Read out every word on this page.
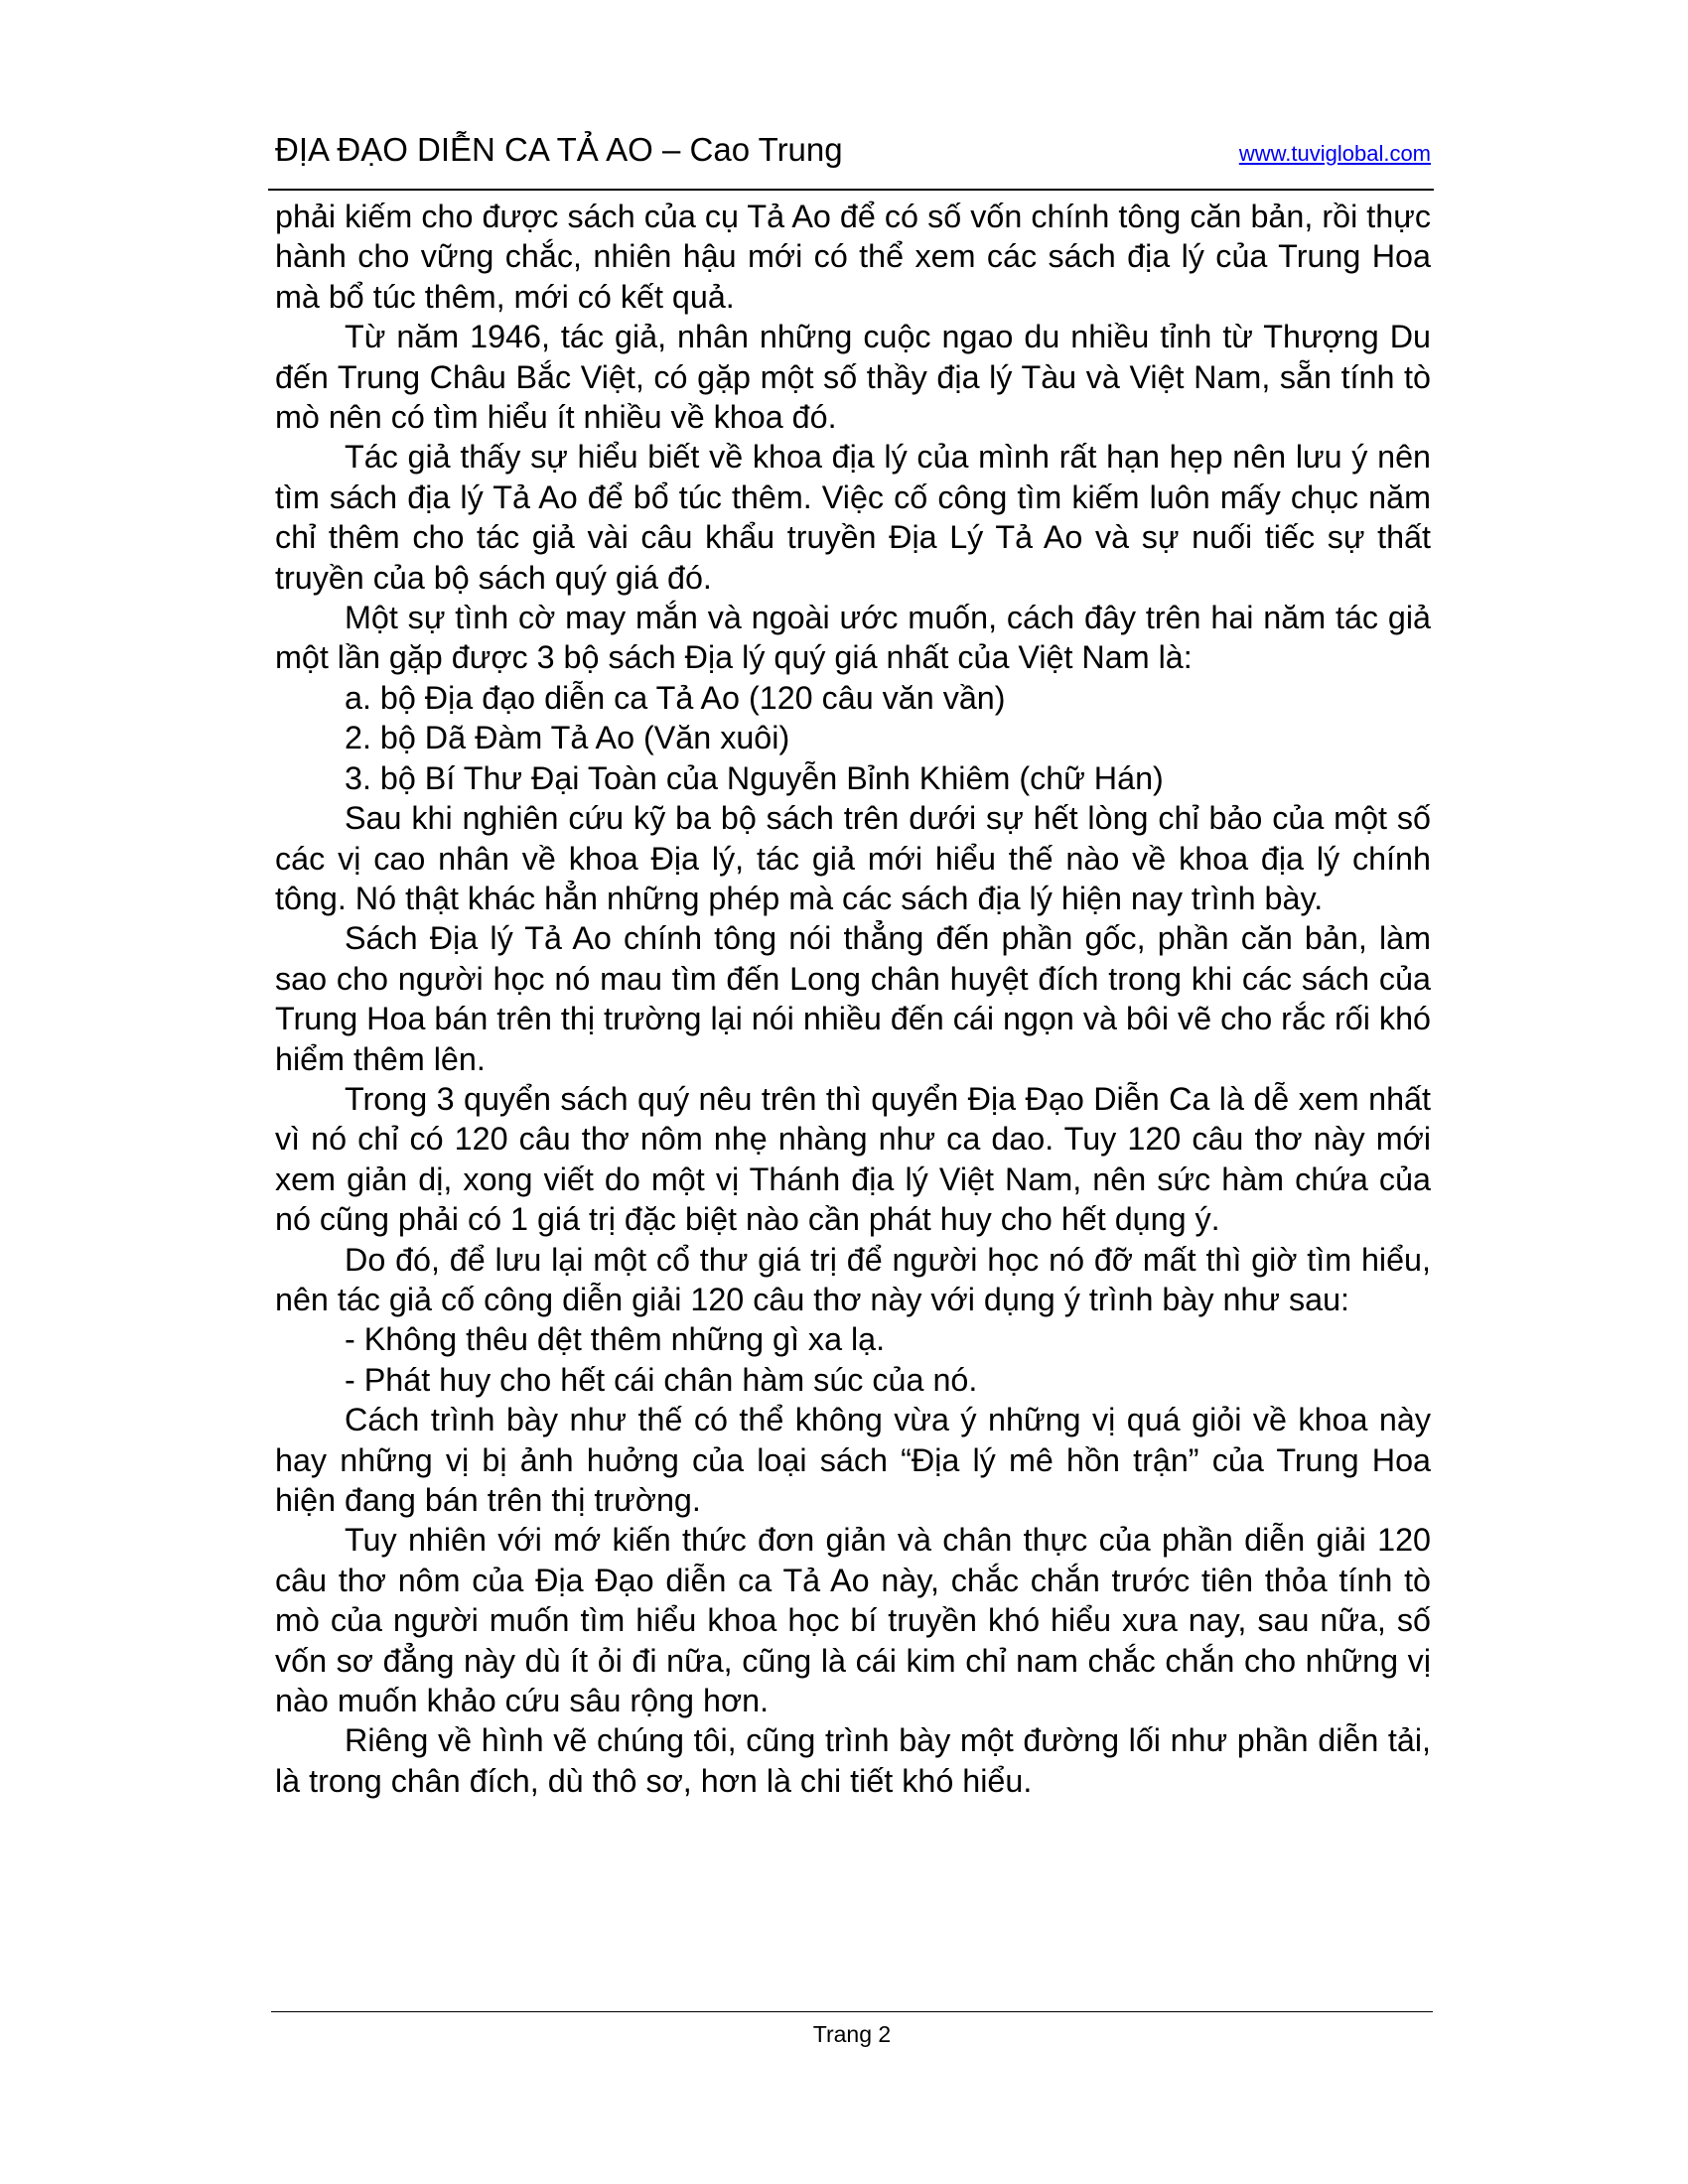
ĐỊA ĐẠO DIỄN CA TẢ AO – Cao Trung	www.tuviglobal.com

phải kiếm cho được sách của cụ Tả Ao để có số vốn chính tông căn bản, rồi thực hành cho vững chắc, nhiên hậu mới có thể xem các sách địa lý của Trung Hoa mà bổ túc thêm, mới có kết quả.

Từ năm 1946, tác giả, nhân những cuộc ngao du nhiều tỉnh từ Thượng Du đến Trung Châu Bắc Việt, có gặp một số thầy địa lý Tàu và Việt Nam, sẵn tính tò mò nên có tìm hiểu ít nhiều về khoa đó.

Tác giả thấy sự hiểu biết về khoa địa lý của mình rất hạn hẹp nên lưu ý nên tìm sách địa lý Tả Ao để bổ túc thêm. Việc cố công tìm kiếm luôn mấy chục năm chỉ thêm cho tác giả vài câu khẩu truyền Địa Lý Tả Ao và sự nuối tiếc sự thất truyền của bộ sách quý giá đó.

Một sự tình cờ may mắn và ngoài ước muốn, cách đây trên hai năm tác giả một lần gặp được 3 bộ sách Địa lý quý giá nhất của Việt Nam là:

a. bộ Địa đạo diễn ca Tả Ao (120 câu văn vần)

2. bộ Dã Đàm Tả Ao (Văn xuôi)

3. bộ Bí Thư Đại Toàn của Nguyễn Bỉnh Khiêm (chữ Hán)

Sau khi nghiên cứu kỹ ba bộ sách trên dưới sự hết lòng chỉ bảo của một số các vị cao nhân về khoa Địa lý, tác giả mới hiểu thế nào về khoa địa lý chính tông. Nó thật khác hẳn những phép mà các sách địa lý hiện nay trình bày.

Sách Địa lý Tả Ao chính tông nói thẳng đến phần gốc, phần căn bản, làm sao cho người học nó mau tìm đến Long chân huyệt đích trong khi các sách của Trung Hoa bán trên thị trường lại nói nhiều đến cái ngọn và bôi vẽ cho rắc rối khó hiểm thêm lên.

Trong 3 quyển sách quý nêu trên thì quyển Địa Đạo Diễn Ca là dễ xem nhất vì nó chỉ có 120 câu thơ nôm nhẹ nhàng như ca dao. Tuy 120 câu thơ này mới xem giản dị, xong viết do một vị Thánh địa lý Việt Nam, nên sức hàm chứa của nó cũng phải có 1 giá trị đặc biệt nào cần phát huy cho hết dụng ý.

Do đó, để lưu lại một cổ thư giá trị để người học nó đỡ mất thì giờ tìm hiểu, nên tác giả cố công diễn giải 120 câu thơ này với dụng ý trình bày như sau:

- Không thêu dệt thêm những gì xa lạ.

- Phát huy cho hết cái chân hàm súc của nó.

Cách trình bày như thế có thể không vừa ý những vị quá giỏi về khoa này hay những vị bị ảnh huởng của loại sách “Địa lý mê hồn trận” của Trung Hoa hiện đang bán trên thị trường.

Tuy nhiên với mớ kiến thức đơn giản và chân thực của phần diễn giải 120 câu thơ nôm của Địa Đạo diễn ca Tả Ao này, chắc chắn trước tiên thỏa tính tò mò của người muốn tìm hiểu khoa học bí truyền khó hiểu xưa nay, sau nữa, số vốn sơ đẳng này dù ít ỏi đi nữa, cũng là cái kim chỉ nam chắc chắn cho những vị nào muốn khảo cứu sâu rộng hơn.

Riêng về hình vẽ chúng tôi, cũng trình bày một đường lối như phần diễn tải, là trong chân đích, dù thô sơ, hơn là chi tiết khó hiểu.

Trang 2
